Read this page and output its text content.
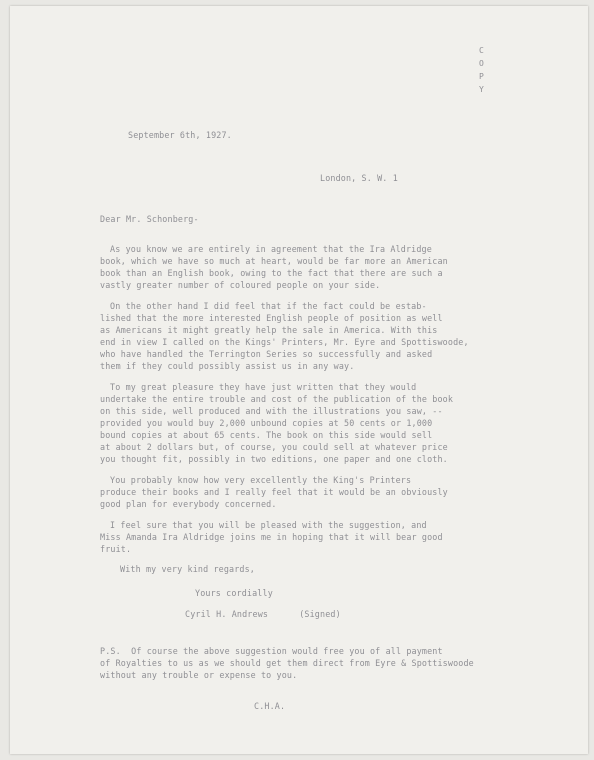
C
O
P
Y
September 6th, 1927.
London, S. W. 1
Dear Mr. Schonberg-
As you know we are entirely in agreement that the Ira Aldridge
book, which we have so much at heart, would be far more an American
book than an English book, owing to the fact that there are such a
vastly greater number of coloured people on your side.
On the other hand I did feel that if the fact could be estab-
lished that the more interested English people of position as well
as Americans it might greatly help the sale in America. With this
end in view I called on the Kings' Printers, Mr. Eyre and Spottiswoode,
who have handled the Terrington Series so successfully and asked
them if they could possibly assist us in any way.
To my great pleasure they have just written that they would
undertake the entire trouble and cost of the publication of the book
on this side, well produced and with the illustrations you saw, --
provided you would buy 2,000 unbound copies at 50 cents or 1,000
bound copies at about 65 cents. The book on this side would sell
at about 2 dollars but, of course, you could sell at whatever price
you thought fit, possibly in two editions, one paper and one cloth.
You probably know how very excellently the King's Printers
produce their books and I really feel that it would be an obviously
good plan for everybody concerned.
I feel sure that you will be pleased with the suggestion, and
Miss Amanda Ira Aldridge joins me in hoping that it will bear good
fruit.
With my very kind regards,
Yours cordially
Cyril H. Andrews      (Signed)
P.S.  Of course the above suggestion would free you of all payment
of Royalties to us as we should get them direct from Eyre & Spottiswoode
without any trouble or expense to you.
C.H.A.
